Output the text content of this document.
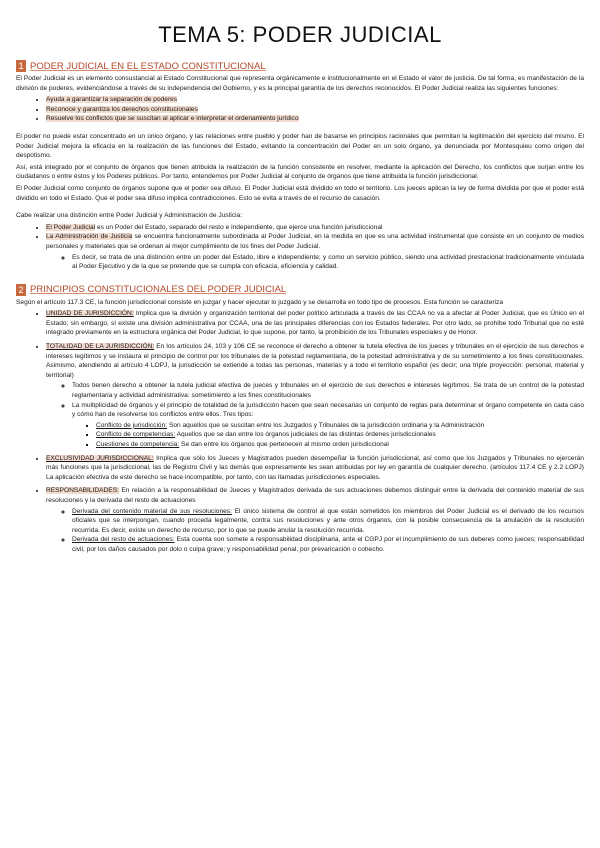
TEMA 5: PODER JUDICIAL
1 PODER JUDICIAL EN EL ESTADO CONSTITUCIONAL

El Poder Judicial es un elemento consustancial al Estado Constitucional que representa orgánicamente e institucionalmente en el Estado el valor de justicia. De tal forma, es manifestación de la división de poderes, evidenciándose a través de su independencia del Gobierno, y es la principal garantía de los derechos reconocidos. El Poder Judicial realiza las siguientes funciones:

• Ayuda a garantizar la separación de poderes
• Reconoce y garantiza los derechos constitucionales
• Resuelve los conflictos que se suscitan al aplicar e interpretar el ordenamiento jurídico

El poder no puede estar concentrado en un único órgano, y las relaciones entre pueblo y poder han de basarse en principios racionales que permitan la legitimación del ejercicio del mismo. El Poder Judicial mejora la eficacia en la realización de las funciones del Estado, evitando la concentración del Poder en un solo órgano, ya denunciada por Montesquieu como origen del despotismo.

Así, está integrado por el conjunto de órganos que tienen atribuida la realización de la función consistente en resolver, mediante la aplicación del Derecho, los conflictos que surjan entre los ciudadanos o entre éstos y los Poderes públicos. Por tanto, entendemos por Poder Judicial al conjunto de órganos que tiene atribuida la función jurisdiccional.

El Poder Judicial como conjunto de órganos supone que el poder sea difuso. El Poder Judicial está dividido en todo el territorio. Los jueces aplican la ley de forma dividida por que el poder está dividido en todo el Estado. Que el poder sea difuso implica contradicciones. Esto se evita a través de el recurso de casación.

Cabe realizar una distinción entre Poder Judicial y Administración de Justicia:

• El Poder Judicial es un Poder del Estado, separado del resto e independiente, que ejerce una función jurisdiccional
• La Administración de Justicia se encuentra funcionalmente subordinada al Poder Judicial, en la medida en que es una actividad instrumental que consiste en un conjunto de medios personales y materiales que se ordenan al mejor cumplimiento de los fines del Poder Judicial.
◦ Es decir, se trata de una distinción entre un poder del Estado, libre e independiente; y como un servicio público, siendo una actividad prestacional tradicionalmente vinculada al Poder Ejecutivo y de la que se pretende que se cumpla con eficacia, eficiencia y calidad.
2 PRINCIPIOS CONSTITUCIONALES DEL PODER JUDICIAL

Según el artículo 117.3 CE, la función jurisdiccional consiste en juzgar y hacer ejecutar lo juzgado y se desarrolla en todo tipo de procesos. Esta función se caracteriza

• UNIDAD DE JURISDICCIÓN: Implica que la división y organización territorial del poder político articulada a través de las CCAA no va a afectar al Poder Judicial, que es Único en el Estado; sin embargo, sí existe una división administrativa por CCAA, una de las principales diferencias con los Estados federales. Por otro lado, se prohíbe todo Tribunal que no esté integrado previamente en la estructura orgánica del Poder Judicial, lo que supone, por tanto, la prohibición de los Tribunales especiales y de Honor.
• TOTALIDAD DE LA JURISDICCIÓN: En los artículos 24, 103 y 106 CE se reconoce el derecho a obtener la tutela efectiva de los jueces y tribunales en el ejercicio de sus derechos e intereses legítimos y se instaura el principio de control por los tribunales de la potestad reglamentaria, de la potestad administrativa y de su sometimiento a los fines constitucionales. Asimismo, atendiendo al artículo 4 LOPJ, la jurisdicción se extiende a todas las personas, materias y a todo el territorio español (es decir; una triple proyección: personal, material y territorial)
◦ Todos tienen derecho a obtener la tutela judicial efectiva de jueces y tribunales en el ejercicio de sus derechos e intereses legítimos. Se trata de un control de la potestad reglamentaria y actividad administrativa: sometimiento a los fines constitucionales
◦ La multiplicidad de órganos y el principio de totalidad de la jurisdicción hacen que sean necesarias un conjunto de reglas para determinar el órgano competente en cada caso y cómo han de resolverse los conflictos entre ellos. Tres tipos:
▪ Conflicto de jurisdicción: Son aquellos que se suscitan entre los Juzgados y Tribunales de la jurisdicción ordinaria y la Administración
▪ Conflicto de competencias: Aquellos que se dan entre los órganos judiciales de las distintas órdenes jurisdiccionales
▪ Cuestiones de competencia: Se dan entre los órganos que pertenecen al mismo orden jurisdiccional
• EXCLUSIVIDAD JURISDICCIONAL: Implica que sólo los Jueces y Magistrados pueden desempeñar la función jurisdiccional, así como que los Juzgados y Tribunales no ejercerán más funciones que la jurisdiccional, las de Registro Civil y las demás que expresamente les sean atribuidas por ley en garantía de cualquier derecho. (artículos 117.4 CE y 2.2 LOPJ) La aplicación efectiva de este derecho se hace incompatible, por tanto, con las llamadas jurisdicciones especiales.
• RESPONSABILIDADES: En relación a la responsabilidad de Jueces y Magistrados derivada de sus actuaciones debemos distinguir entre la derivada del contenido material de sus resoluciones y la derivada del resto de actuaciones
◦ Derivada del contenido material de sus resoluciones: El único sistema de control al que están sometidos los miembros del Poder Judicial es el derivado de los recursos oficiales que se interpongan, cuando proceda legalmente, contra sus resoluciones y ante otros órganos, con la posible consecuencia de la anulación de la resolución recurrida. Es decir, existe un derecho de recurso, por lo que se puede anular la resolución recurrida.
◦ Derivada del resto de actuaciones: Esta cuenta son somete a responsabilidad disciplinaria, ante el CGPJ por el incumplimiento de sus deberes como jueces; responsabilidad civil, por los daños causados por dolo o culpa grave; y responsabilidad penal, por prevaricación o cohecho.
